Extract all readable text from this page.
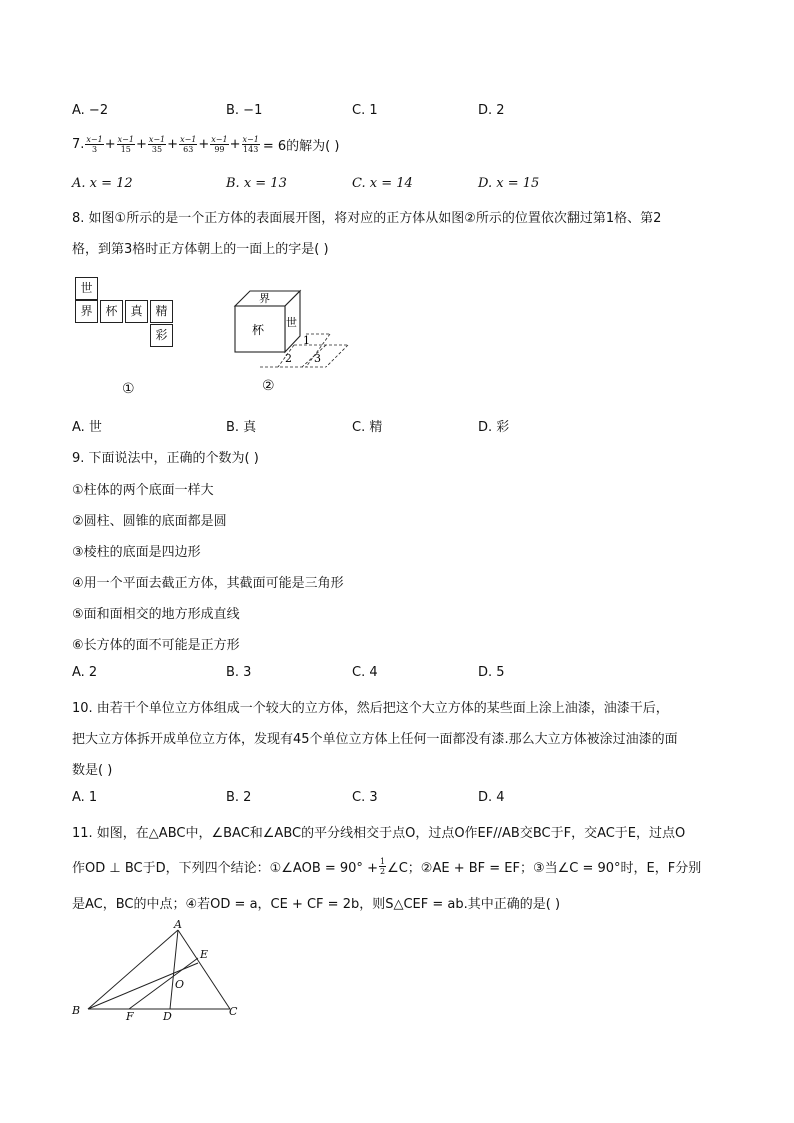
A. −2	B. −1	C. 1	D. 2
7. $\frac{x-1}{3} + \frac{x-1}{15} + \frac{x-1}{35} + \frac{x-1}{63} + \frac{x-1}{99} + \frac{x-1}{143} = 6$的解为( )
A. x = 12	B. x = 13	C. x = 14	D. x = 15
8. 如图①所示的是一个正方体的表面展开图，将对应的正方体从如图②所示的位置依次翻过第1格、第2
格，到第3格时正方体朝上的一面上的字是( )
世
界	杯	真	精
彩
①
界
杯
世
1
2 3
②
A. 世	B. 真	C. 精	D. 彩
9. 下面说法中，正确的个数为( )
①柱体的两个底面一样大
②圆柱、圆锥的底面都是圆
③棱柱的底面是四边形
④用一个平面去截正方体，其截面可能是三角形
⑤面和面相交的地方形成直线
⑥长方体的面不可能是正方形
A. 2	B. 3	C. 4	D. 5
10. 由若干个单位立方体组成一个较大的立方体，然后把这个大立方体的某些面上涂上油漆，油漆干后，
把大立方体拆开成单位立方体，发现有45个单位立方体上任何一面都没有漆.那么大立方体被涂过油漆的面
数是( )
A. 1	B. 2	C. 3	D. 4
11. 如图，在△ABC中，∠BAC和∠ABC的平分线相交于点O，过点O作EF//AB交BC于F，交AC于E，过点O
作OD ⊥ BC于D，下列四个结论：①∠AOB = $90^\circ + \frac{1}{2}$ ∠C；②AE + BF = EF；③当∠C = 90°时，E，F分别
是AC，BC的中点；④若OD = a，CE + CF = 2b，则S△CEF = ab.其中正确的是( )
A
E
O
B	F	D	C
